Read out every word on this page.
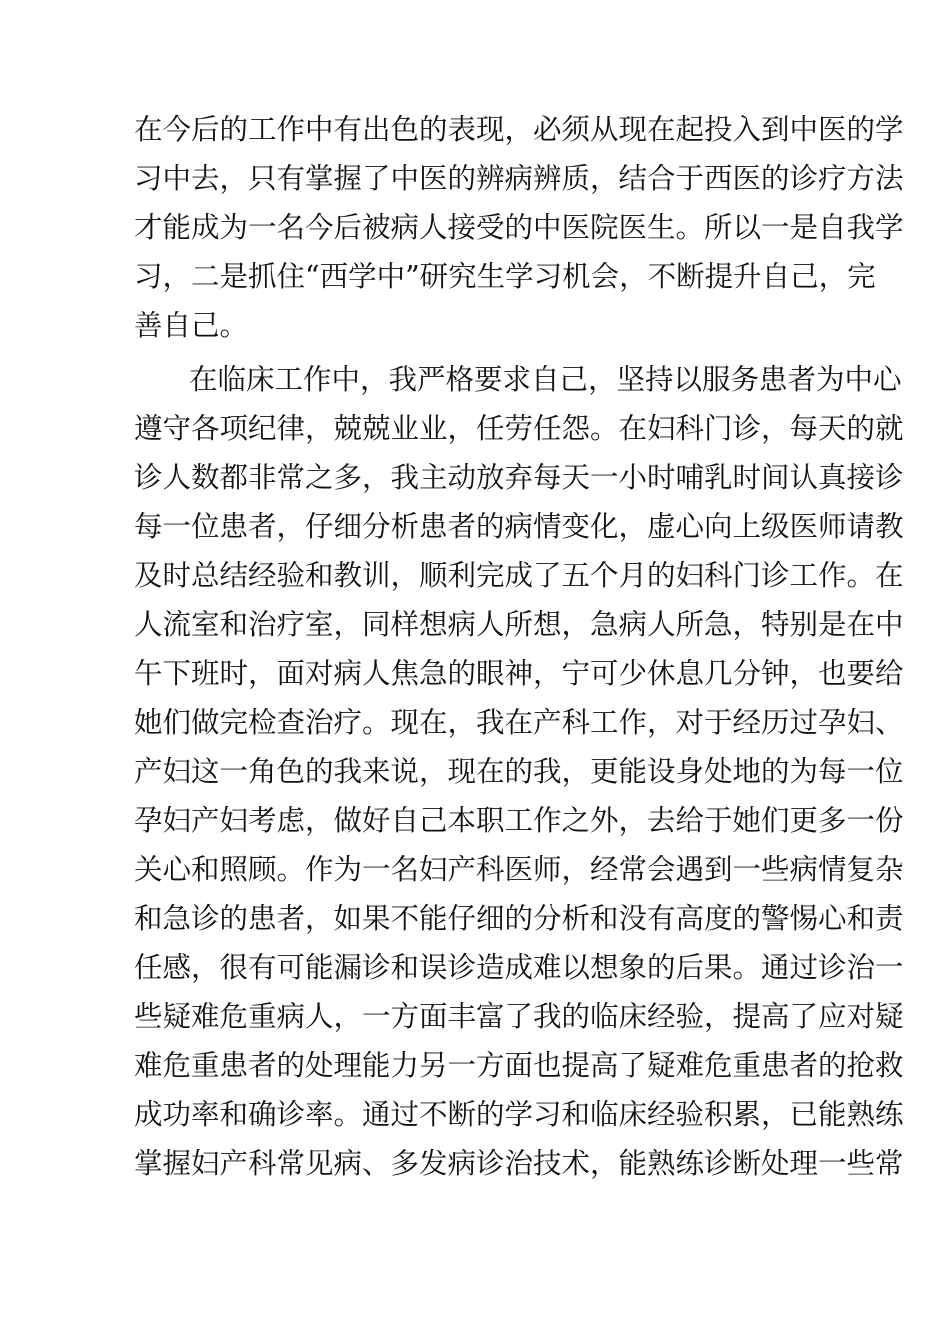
在今后的工作中有出色的表现，必须从现在起投入到中医的学

习中去，只有掌握了中医的辨病辨质，结合于西医的诊疗方法

才能成为一名今后被病人接受的中医院医生。所以一是自我学

习，二是抓住“西学中”研究生学习机会，不断提升自己，完

善自己。

在临床工作中，我严格要求自己，坚持以服务患者为中心

遵守各项纪律，兢兢业业，任劳任怨。在妇科门诊，每天的就

诊人数都非常之多，我主动放弃每天一小时哺乳时间认真接诊

每一位患者，仔细分析患者的病情变化，虚心向上级医师请教

及时总结经验和教训，顺利完成了五个月的妇科门诊工作。在

人流室和治疗室，同样想病人所想，急病人所急，特别是在中

午下班时，面对病人焦急的眼神，宁可少休息几分钟，也要给

她们做完检查治疗。现在，我在产科工作，对于经历过孕妇、

产妇这一角色的我来说，现在的我，更能设身处地的为每一位

孕妇产妇考虑，做好自己本职工作之外，去给于她们更多一份

关心和照顾。作为一名妇产科医师，经常会遇到一些病情复杂

和急诊的患者，如果不能仔细的分析和没有高度的警惕心和责

任感，很有可能漏诊和误诊造成难以想象的后果。通过诊治一

些疑难危重病人，一方面丰富了我的临床经验，提高了应对疑

难危重患者的处理能力另一方面也提高了疑难危重患者的抢救

成功率和确诊率。通过不断的学习和临床经验积累，已能熟练

掌握妇产科常见病、多发病诊治技术，能熟练诊断处理一些常
